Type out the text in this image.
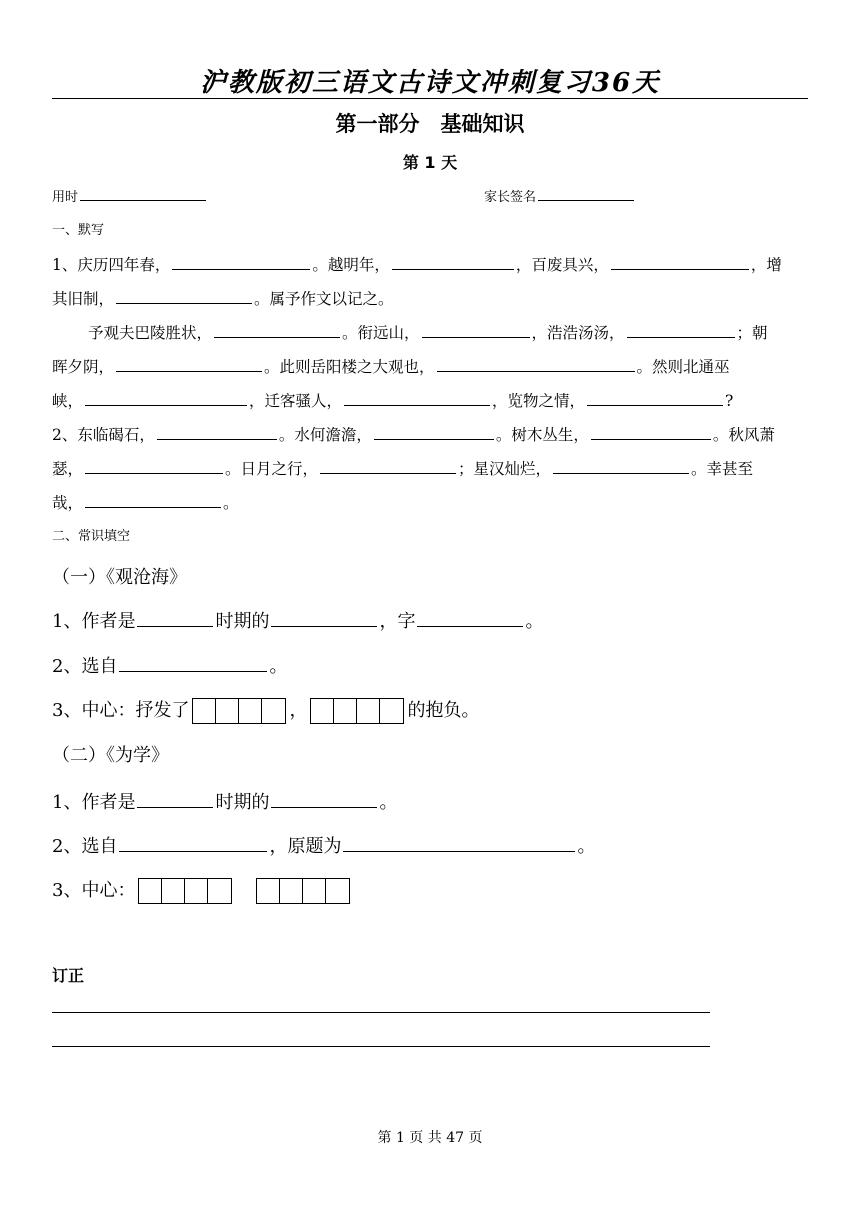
沪教版初三语文古诗文冲刺复习36天
第一部分　基础知识
第 1 天
用时	家长签名
一、默写
1、庆历四年春，	。越明年，	，百废具兴，	，增
其旧制，	。属予作文以记之。
予观夫巴陵胜状，	。衔远山，	，浩浩汤汤，	；朝
晖夕阴，	。此则岳阳楼之大观也，	。然则北通巫
峡，	，迁客骚人，	，览物之情，	?
2、东临碣石，	。水何澹澹，	。树木丛生，	。秋风萧
瑟，	。日月之行，	；星汉灿烂，	。幸甚至
哉，	。
二、常识填空
（一）《观沧海》
1、作者是	时期的	，字	。
2、选自	。
3、中心：抒发了	，	的抱负。
（二）《为学》
1、作者是	时期的	。
2、选自	，原题为	。
3、中心：
订正
第 1 页 共 47 页
